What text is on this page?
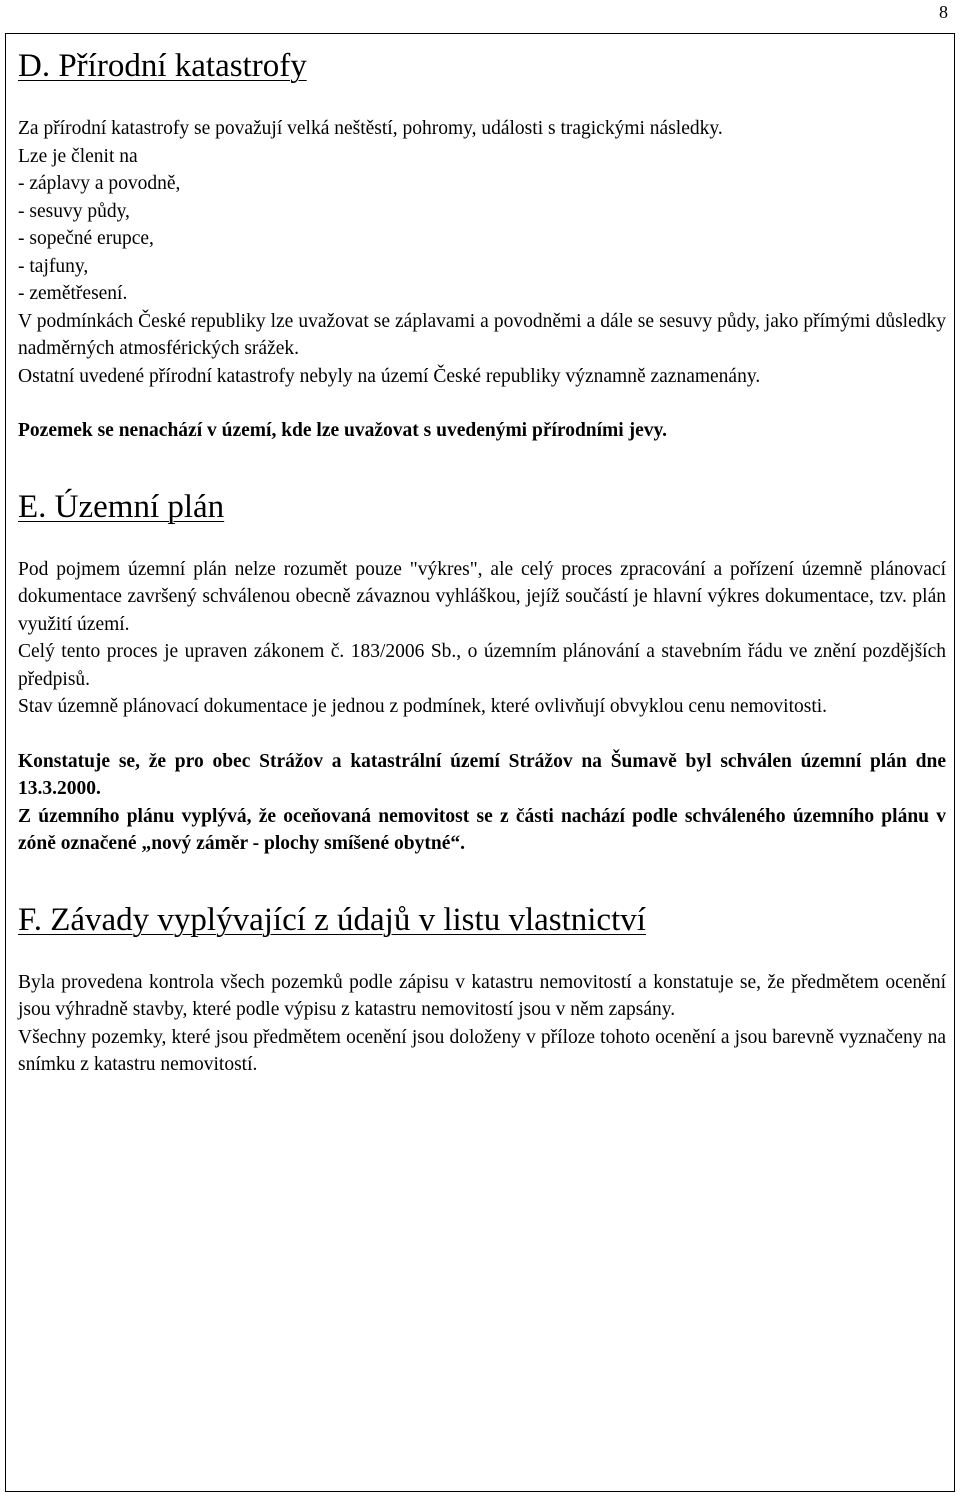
8
D. Přírodní katastrofy

Za přírodní katastrofy se považují velká neštěstí, pohromy, události s tragickými následky.

Lze je členit na

- záplavy a povodně,

- sesuvy půdy,

- sopečné erupce,

- tajfuny,

- zemětřesení.

V podmínkách České republiky lze uvažovat se záplavami a povodněmi a dále se sesuvy půdy, jako přímými důsledky nadměrných atmosférických srážek.

Ostatní uvedené přírodní katastrofy nebyly na území České republiky významně zaznamenány.

Pozemek se nenachází v území, kde lze uvažovat s uvedenými přírodními jevy.

E. Územní plán

Pod pojmem územní plán nelze rozumět pouze "výkres", ale celý proces zpracování a pořízení územně plánovací dokumentace završený schválenou obecně závaznou vyhláškou, jejíž součástí je hlavní výkres dokumentace, tzv. plán využití území.

Celý tento proces je upraven zákonem č. 183/2006 Sb., o územním plánování a stavebním řádu ve znění pozdějších předpisů.

Stav územně plánovací dokumentace je jednou z podmínek, které ovlivňují obvyklou cenu nemovitosti.

Konstatuje se, že pro obec Strážov a katastrální území Strážov na Šumavě byl schválen územní plán dne 13.3.2000.

Z územního plánu vyplývá, že oceňovaná nemovitost se z části nachází podle schváleného územního plánu v zóně označené „nový záměr - plochy smíšené obytné“.

F. Závady vyplývající z údajů v listu vlastnictví

Byla provedena kontrola všech pozemků podle zápisu v katastru nemovitostí a konstatuje se, že předmětem ocenění jsou výhradně stavby, které podle výpisu z katastru nemovitostí jsou v něm zapsány.

Všechny pozemky, které jsou předmětem ocenění jsou doloženy v příloze tohoto ocenění a jsou barevně vyznačeny na snímku z katastru nemovitostí.
